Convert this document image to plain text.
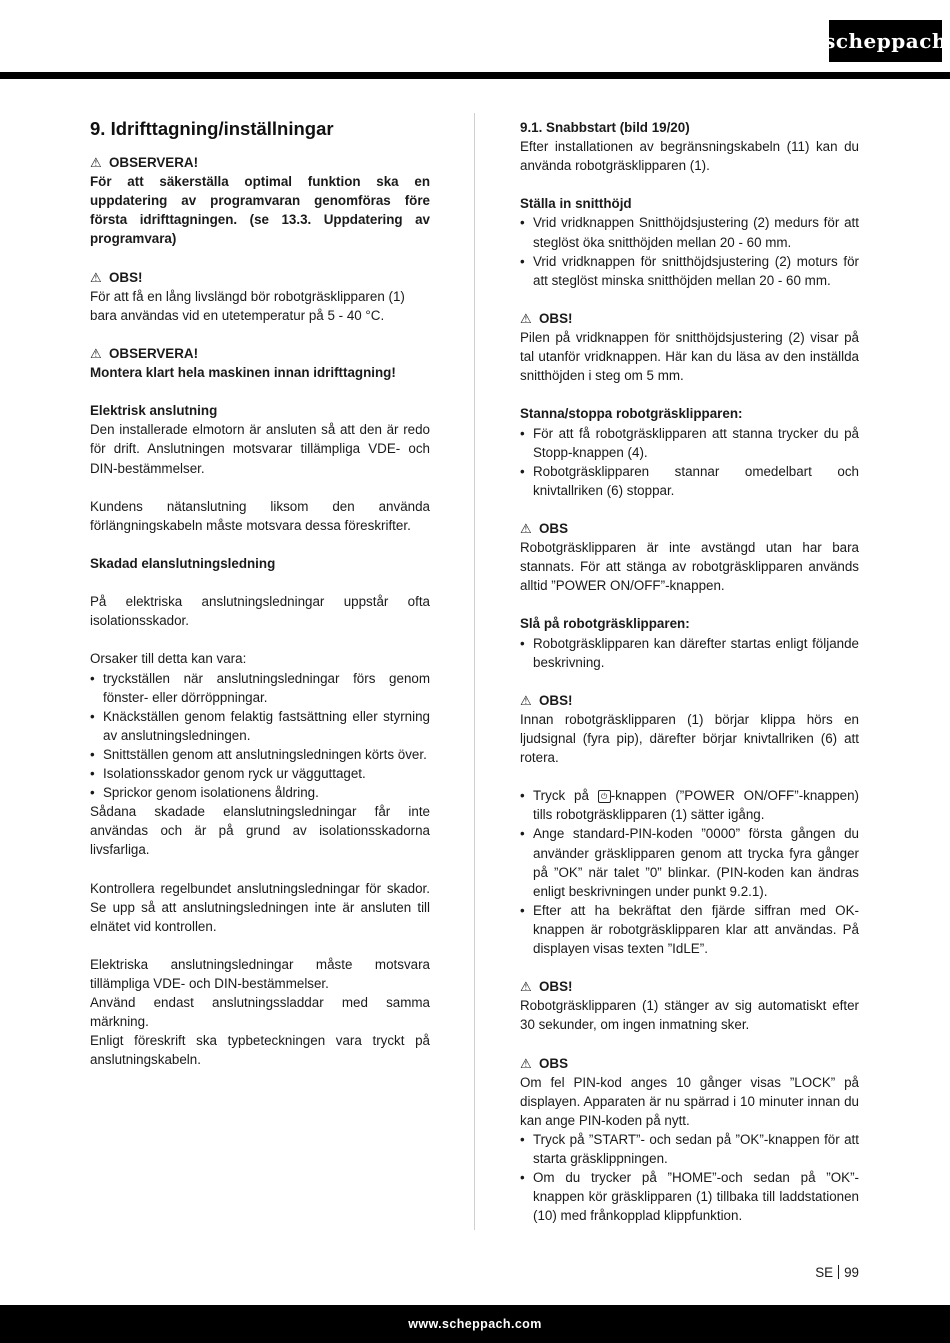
scheppach
9. Idrifttagning/inställningar
⚠ OBSERVERA!

För att säkerställa optimal funktion ska en uppdatering av programvaran genomföras före första idrifttagningen. (se 13.3. Uppdatering av programvara)

⚠ OBS!

För att få en lång livslängd bör robotgräsklipparen (1) bara användas vid en utetemperatur på 5 - 40 °C.

⚠ OBSERVERA!

Montera klart hela maskinen innan idrifttagning!

Elektrisk anslutning

Den installerade elmotorn är ansluten så att den är redo för drift. Anslutningen motsvarar tillämpliga VDE- och DIN-bestämmelser.

Kundens nätanslutning liksom den använda förlängningskabeln måste motsvara dessa föreskrifter.

Skadad elanslutningsledning

På elektriska anslutningsledningar uppstår ofta isolationsskador.

Orsaker till detta kan vara:

• tryckställen när anslutningsledningar förs genom fönster- eller dörröppningar.
• Knäckställen genom felaktig fastsättning eller styrning av anslutningsledningen.
• Snittställen genom att anslutningsledningen körts över.
• Isolationsskador genom ryck ur vägguttaget.
• Sprickor genom isolationens åldring.

Sådana skadade elanslutningsledningar får inte användas och är på grund av isolationsskadorna livsfarliga.

Kontrollera regelbundet anslutningsledningar för skador. Se upp så att anslutningsledningen inte är ansluten till elnätet vid kontrollen.

Elektriska anslutningsledningar måste motsvara tillämpliga VDE- och DIN-bestämmelser.

Använd endast anslutningssladdar med samma märkning.

Enligt föreskrift ska typbeteckningen vara tryckt på anslutningskabeln.

9.1. Snabbstart (bild 19/20)

Efter installationen av begränsningskabeln (11) kan du använda robotgräsklipparen (1).

Ställa in snitthöjd

• Vrid vridknappen Snitthöjdsjustering (2) medurs för att steglöst öka snitthöjden mellan 20 - 60 mm.
• Vrid vridknappen för snitthöjdsjustering (2) moturs för att steglöst minska snitthöjden mellan 20 - 60 mm.
⚠ OBS!

Pilen på vridknappen för snitthöjdsjustering (2) visar på tal utanför vridknappen. Här kan du läsa av den inställda snitthöjden i steg om 5 mm.

Stanna/stoppa robotgräsklipparen:

• För att få robotgräsklipparen att stanna trycker du på Stopp-knappen (4).
• Robotgräsklipparen stannar omedelbart och knivtallriken (6) stoppar.
⚠ OBS

Robotgräsklipparen är inte avstängd utan har bara stannats. För att stänga av robotgräsklipparen används alltid ”POWER ON/OFF”-knappen.

Slå på robotgräsklipparen:

• Robotgräsklipparen kan därefter startas enligt följande beskrivning.
⚠ OBS!

Innan robotgräsklipparen (1) börjar klippa hörs en ljudsignal (fyra pip), därefter börjar knivtallriken (6) att rotera.

• Tryck på ⏻ -knappen (”POWER ON/OFF”-knappen) tills robotgräsklipparen (1) sätter igång.
• Ange standard-PIN-koden ”0000” första gången du använder gräsklipparen genom att trycka fyra gånger på ”OK” när talet ”0” blinkar. (PIN-koden kan ändras enligt beskrivningen under punkt 9.2.1).
• Efter att ha bekräftat den fjärde siffran med OK-knappen är robotgräsklipparen klar att användas. På displayen visas texten ”IdLE”.
⚠ OBS!

Robotgräsklipparen (1) stänger av sig automatiskt efter 30 sekunder, om ingen inmatning sker.

⚠ OBS

Om fel PIN-kod anges 10 gånger visas ”LOCK” på displayen. Apparaten är nu spärrad i 10 minuter innan du kan ange PIN-koden på nytt.

• Tryck på ”START”- och sedan på ”OK”-knappen för att starta gräsklippningen.
• Om du trycker på ”HOME”-och sedan på ”OK”-knappen kör gräsklipparen (1) tillbaka till laddstationen (10) med frånkopplad klippfunktion.
SE 99
www.scheppach.com
